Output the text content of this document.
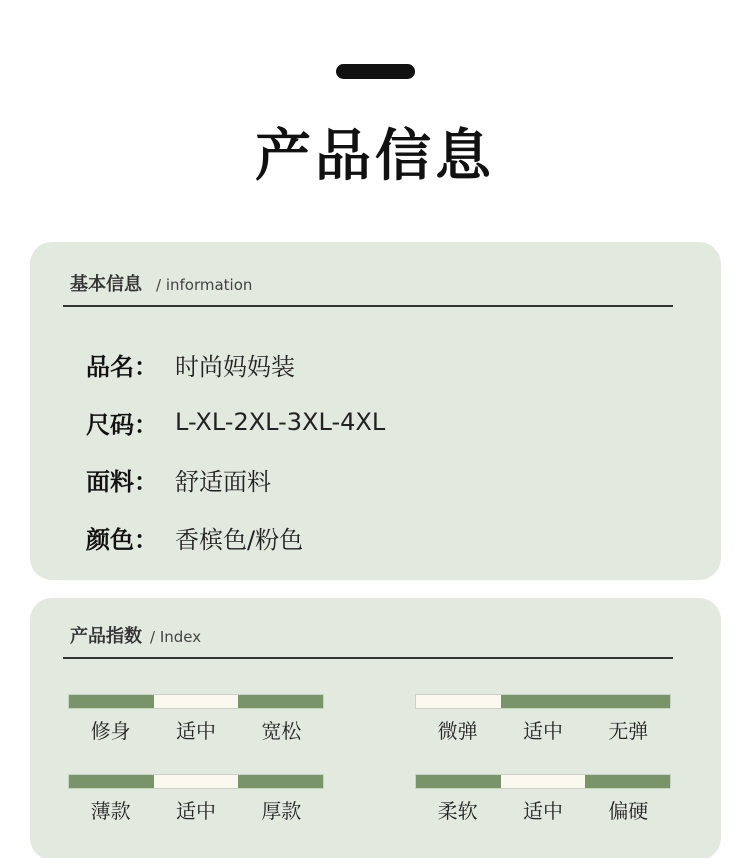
产品信息
基本信息 / information
品名： 时尚妈妈装
尺码： L-XL-2XL-3XL-4XL
面料： 舒适面料
颜色： 香槟色/粉色
产品指数 / Index
修身	适中	宽松	微弹	适中	无弹
薄款	适中	厚款	柔软	适中	偏硬
